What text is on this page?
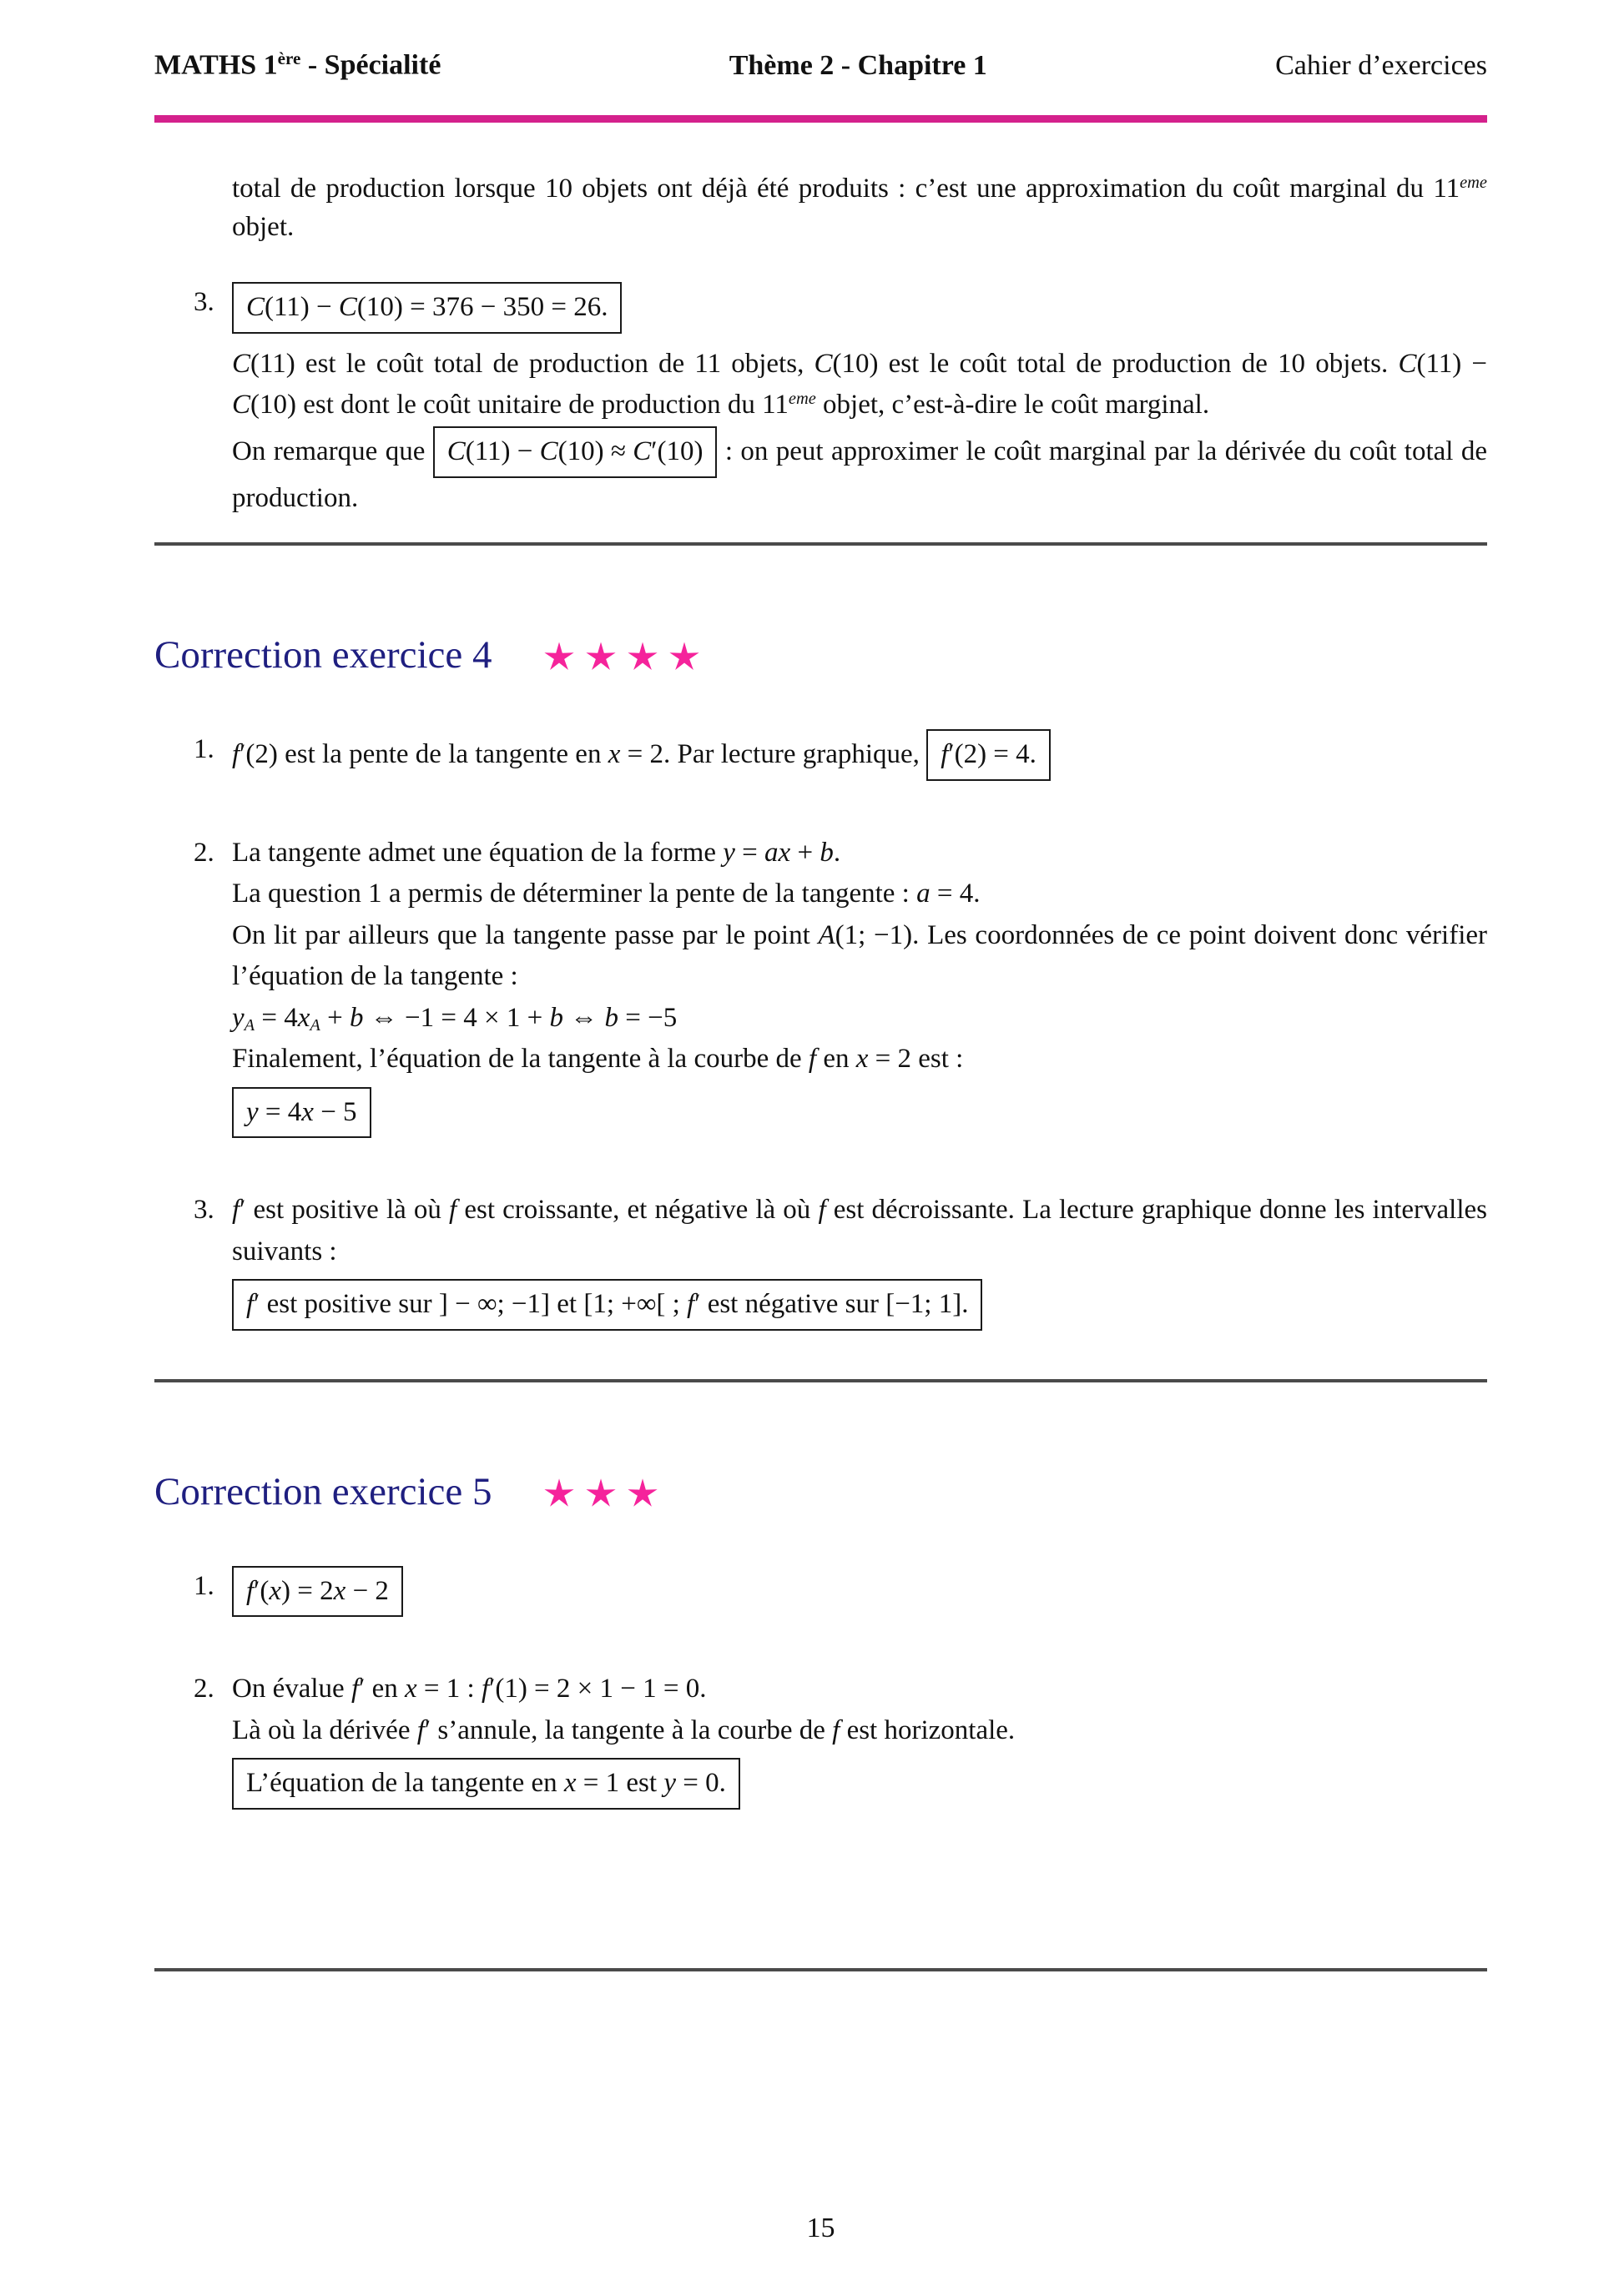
MATHS 1ère - Spécialité	Thème 2 - Chapitre 1	Cahier d’exercices

total de production lorsque 10 objets ont déjà été produits : c’est une approximation du coût marginal du 11eme objet.

3.	C(11) − C(10) = 376 − 350 = 26.

C(11) est le coût total de production de 11 objets, C(10) est le coût total de production de 10 objets. C(11) − C(10) est dont le coût unitaire de production du 11eme objet, c’est-à-dire le coût marginal.

On remarque que C(11) − C(10) ≈ C′(10) : on peut approximer le coût marginal par la dérivée du coût total de production.

Correction exercice 4
1. f′(2) est la pente de la tangente en x = 2. Par lecture graphique, f′(2) = 4.

2. La tangente admet une équation de la forme y = ax + b.

La question 1 a permis de déterminer la pente de la tangente : a = 4.

On lit par ailleurs que la tangente passe par le point A(1; −1). Les coordonnées de ce point doivent donc vérifier l’équation de la tangente :

yA = 4xA + b ⇔ −1 = 4 × 1 + b ⇔ b = −5

Finalement, l’équation de la tangente à la courbe de f en x = 2 est :

y = 4x − 5
3. f′ est positive là où f est croissante, et négative là où f est décroissante. La lecture graphique donne les intervalles suivants :

f′ est positive sur ] − ∞; −1] et [1; +∞[ ; f′ est négative sur [−1; 1].
Correction exercice 5
1.	f′(x) = 2x − 2
2. On évalue f′ en x = 1 : f′(1) = 2 × 1 − 1 = 0.

Là où la dérivée f′ s’annule, la tangente à la courbe de f est horizontale.

L’équation de la tangente en x = 1 est y = 0.
15
